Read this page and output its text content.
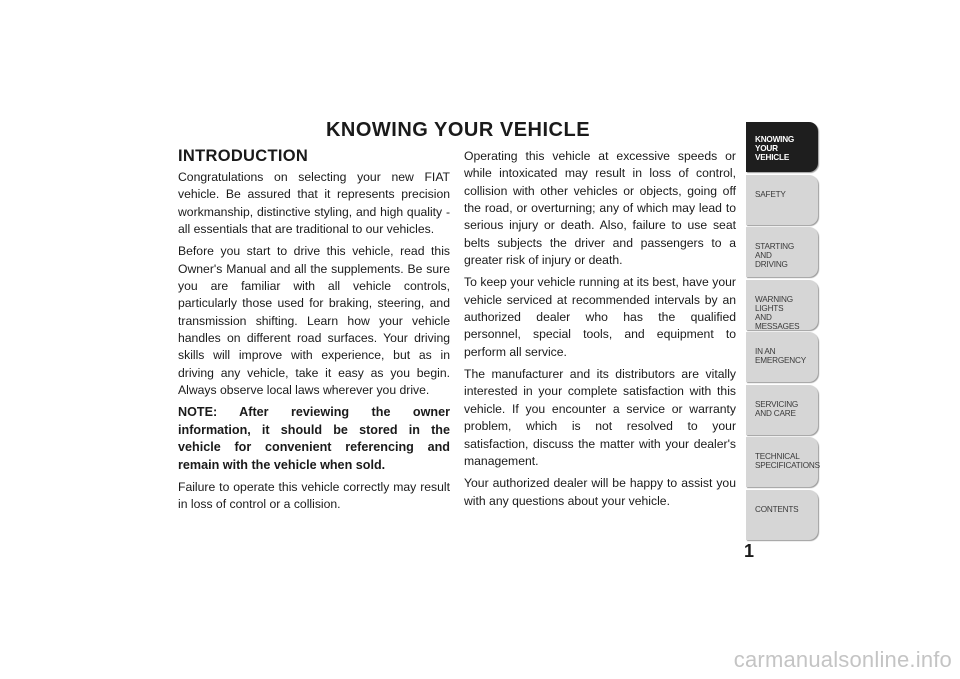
KNOWING YOUR VEHICLE
INTRODUCTION

Congratulations on selecting your new FIAT vehicle. Be assured that it represents precision workmanship, distinctive styling, and high quality - all essentials that are traditional to our vehicles.

Before you start to drive this vehicle, read this Owner's Manual and all the supplements. Be sure you are familiar with all vehicle controls, particularly those used for braking, steering, and transmission shifting. Learn how your vehicle handles on different road surfaces. Your driving skills will improve with experience, but as in driving any vehicle, take it easy as you begin. Always observe local laws wherever you drive.

NOTE: After reviewing the owner information, it should be stored in the vehicle for convenient referencing and remain with the vehicle when sold.

Failure to operate this vehicle correctly may result in loss of control or a collision.

Operating this vehicle at excessive speeds or while intoxicated may result in loss of control, collision with other vehicles or objects, going off the road, or overturning; any of which may lead to serious injury or death. Also, failure to use seat belts subjects the driver and passengers to a greater risk of injury or death.

To keep your vehicle running at its best, have your vehicle serviced at recommended intervals by an authorized dealer who has the qualified personnel, special tools, and equipment to perform all service.

The manufacturer and its distributors are vitally interested in your complete satisfaction with this vehicle. If you encounter a service or warranty problem, which is not resolved to your satisfaction, discuss the matter with your dealer's management.

Your authorized dealer will be happy to assist you with any questions about your vehicle.

KNOWING
YOUR
VEHICLE
SAFETY
STARTING
AND
DRIVING
WARNING
LIGHTS
AND
MESSAGES
IN AN
EMERGENCY
SERVICING
AND CARE
TECHNICAL
SPECIFICATIONS
CONTENTS
1
carmanualsonline.info
